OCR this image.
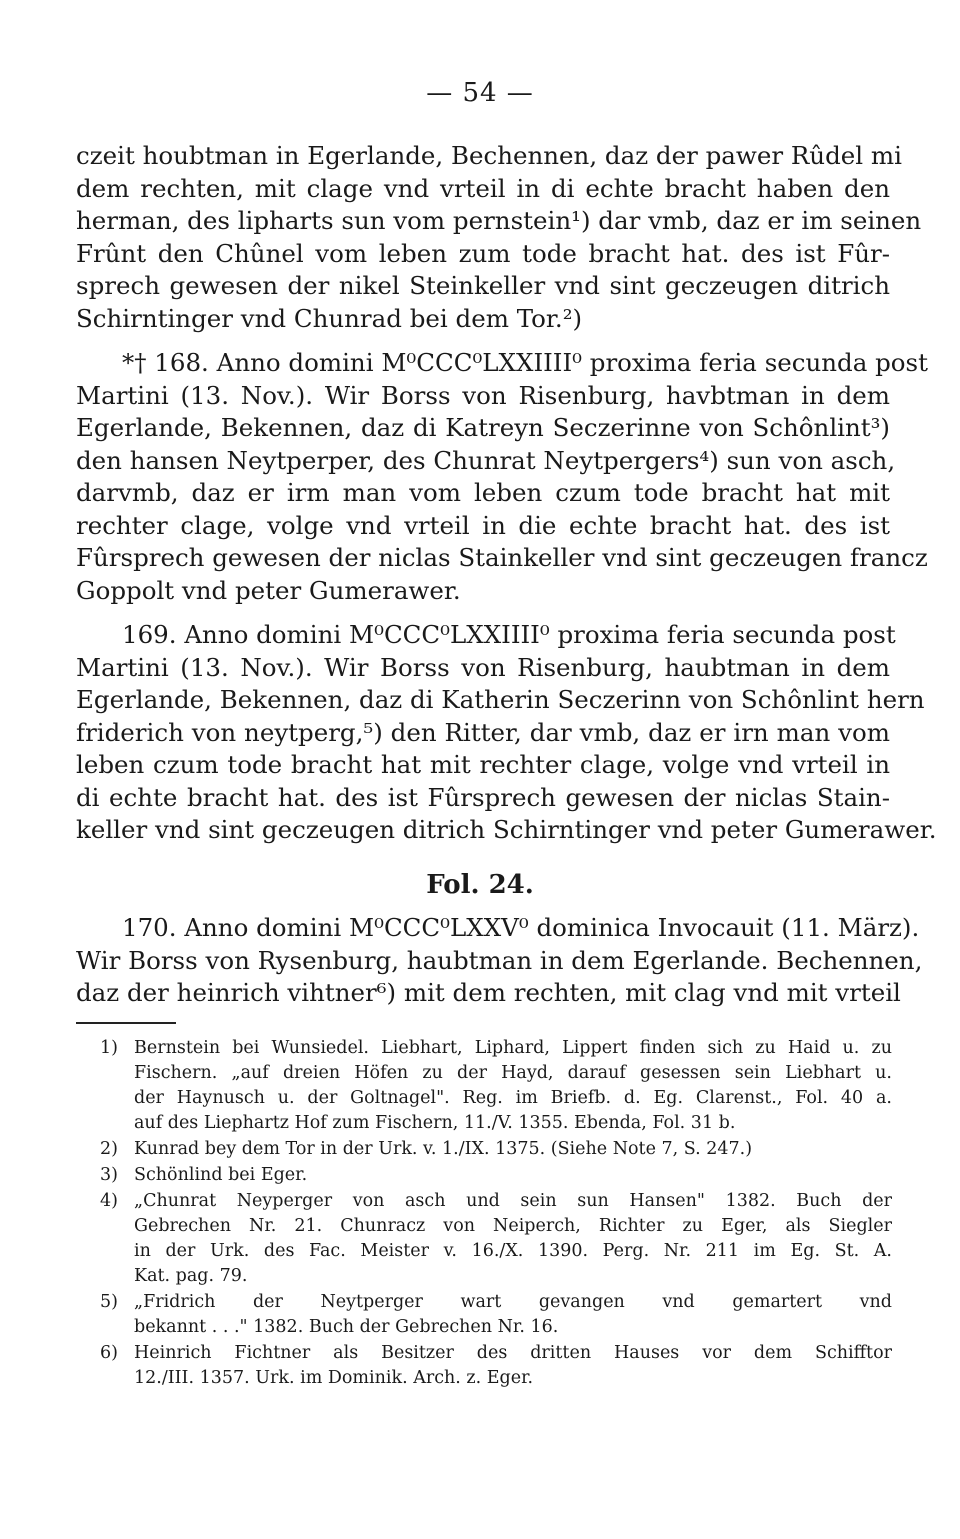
— 54 —
czeit houbtman in Egerlande, Bechennen, daz der pawer Rûdel mi
dem rechten, mit clage vnd vrteil in di echte bracht haben den
herman, des lipharts sun vom pernstein¹) dar vmb, daz er im seinen
Frûnt den Chûnel vom leben zum tode bracht hat. des ist Fûr-
sprech gewesen der nikel Steinkeller vnd sint geczeugen ditrich
Schirntinger vnd Chunrad bei dem Tor.²)
*† 168. Anno domini M⁰CCC⁰LXXIIII⁰ proxima feria secunda post
Martini (13. Nov.). Wir Borss von Risenburg, havbtman in dem
Egerlande, Bekennen, daz di Katreyn Seczerinne von Schônlint³)
den hansen Neytperper, des Chunrat Neytpergers⁴) sun von asch,
darvmb, daz er irm man vom leben czum tode bracht hat mit
rechter clage, volge vnd vrteil in die echte bracht hat. des ist
Fûrsprech gewesen der niclas Stainkeller vnd sint geczeugen francz
Goppolt vnd peter Gumerawer.
169. Anno domini M⁰CCC⁰LXXIIII⁰ proxima feria secunda post
Martini (13. Nov.). Wir Borss von Risenburg, haubtman in dem
Egerlande, Bekennen, daz di Katherin Seczerinn von Schônlint hern
friderich von neytperg,⁵) den Ritter, dar vmb, daz er irn man vom
leben czum tode bracht hat mit rechter clage, volge vnd vrteil in
di echte bracht hat. des ist Fûrsprech gewesen der niclas Stain-
keller vnd sint geczeugen ditrich Schirntinger vnd peter Gumerawer.
Fol. 24.
170. Anno domini M⁰CCC⁰LXXV⁰ dominica Invocauit (11. März).
Wir Borss von Rysenburg, haubtman in dem Egerlande. Bechennen,
daz der heinrich vihtner⁶) mit dem rechten, mit clag vnd mit vrteil
1) Bernstein bei Wunsiedel. Liebhart, Liphard, Lippert finden sich zu Haid u. zu
Fischern. „auf dreien Höfen zu der Hayd, darauf gesessen sein Liebhart u.
der Haynusch u. der Goltnagel". Reg. im Briefb. d. Eg. Clarenst., Fol. 40 a.
auf des Liephartz Hof zum Fischern, 11./V. 1355. Ebenda, Fol. 31 b.
2) Kunrad bey dem Tor in der Urk. v. 1./IX. 1375. (Siehe Note 7, S. 247.)
3) Schönlind bei Eger.
4) „Chunrat Neyperger von asch und sein sun Hansen" 1382. Buch der
Gebrechen Nr. 21. Chunracz von Neiperch, Richter zu Eger, als Siegler
in der Urk. des Fac. Meister v. 16./X. 1390. Perg. Nr. 211 im Eg. St. A.
Kat. pag. 79.
5) „Fridrich der Neytperger wart gevangen vnd gemartert vnd
bekannt . . ." 1382. Buch der Gebrechen Nr. 16.
6) Heinrich Fichtner als Besitzer des dritten Hauses vor dem Schifftor
12./III. 1357. Urk. im Dominik. Arch. z. Eger.
